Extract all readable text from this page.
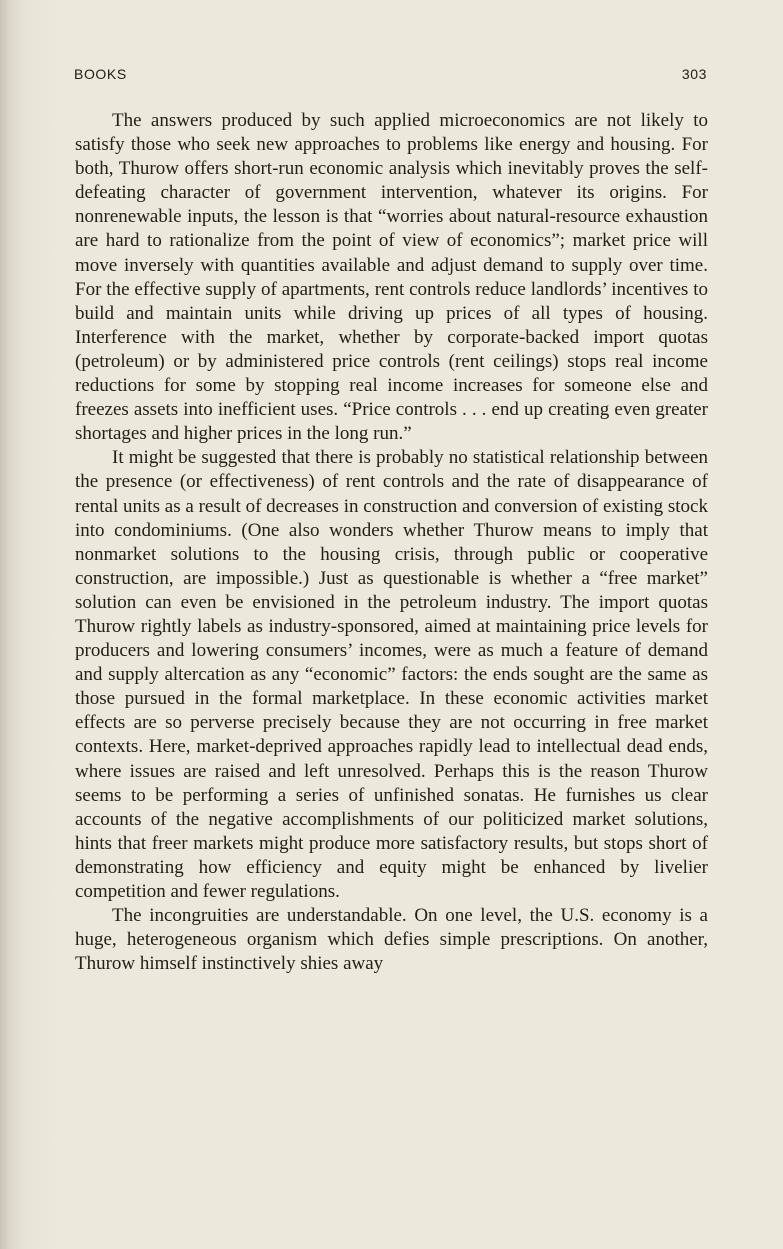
BOOKS	303

The answers produced by such applied microeconomics are not likely to satisfy those who seek new approaches to problems like energy and housing. For both, Thurow offers short-run economic analysis which inevitably proves the self-defeating character of government intervention, whatever its origins. For nonrenewable inputs, the lesson is that “worries about natural-resource exhaustion are hard to rationalize from the point of view of economics”; market price will move inversely with quantities available and adjust demand to supply over time. For the effective supply of apartments, rent controls reduce landlords’ incentives to build and maintain units while driving up prices of all types of housing. Interference with the market, whether by corporate-backed import quotas (petroleum) or by administered price controls (rent ceilings) stops real income reductions for some by stopping real income increases for someone else and freezes assets into inefficient uses. “Price controls . . . end up creating even greater shortages and higher prices in the long run.”

It might be suggested that there is probably no statistical relationship between the presence (or effectiveness) of rent controls and the rate of disappearance of rental units as a result of decreases in construction and conversion of existing stock into condominiums. (One also wonders whether Thurow means to imply that nonmarket solutions to the housing crisis, through public or cooperative construction, are impossible.) Just as questionable is whether a “free market” solution can even be envisioned in the petroleum industry. The import quotas Thurow rightly labels as industry-sponsored, aimed at maintaining price levels for producers and lowering consumers’ incomes, were as much a feature of demand and supply altercation as any “economic” factors: the ends sought are the same as those pursued in the formal marketplace. In these economic activities market effects are so perverse precisely because they are not occurring in free market contexts. Here, market-deprived approaches rapidly lead to intellectual dead ends, where issues are raised and left unresolved. Perhaps this is the reason Thurow seems to be performing a series of unfinished sonatas. He furnishes us clear accounts of the negative accomplishments of our politicized market solutions, hints that freer markets might produce more satisfactory results, but stops short of demonstrating how efficiency and equity might be enhanced by livelier competition and fewer regulations.

The incongruities are understandable. On one level, the U.S. economy is a huge, heterogeneous organism which defies simple prescriptions. On another, Thurow himself instinctively shies away
